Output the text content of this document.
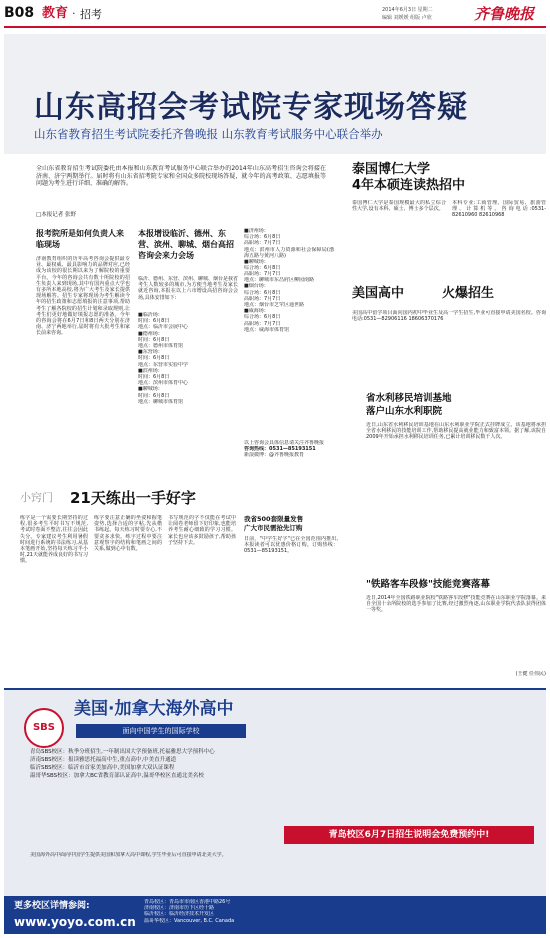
B08 教育 · 招考	2014年6月3日 星期二
编辑 刘媛媛 组版 卢欣	齐鲁晚报
山东高招会考试院专家现场答疑
山东省教育招生考试院委托齐鲁晚报 山东教育考试服务中心联合举办
全山东省教育招生考试院委托由本报和山东教育考试服务中心联合举办的2014年山东高考招生咨询会将接在济南、济宁两期举行。届时将有山东省招考院专家和全国众多院校现场答疑，就今年的高考政策、志愿填报等问题为考生进行详细、准确的解答。
□本报记者 张野
报考院所是如何负责人来临现场
济南教育组织的历年高考咨询会提供最专业、最权威、最具影响力的品牌对应,已经成为该校的很长期以来为了解院校的重要平台。今年的咨询会共有数十所院校的招生负责人来到现场,其中有国内重点大学也有多所本地高校,将为广大考生及家长提供现场解答。招生专家将现场为考生解读今年的招生政策和志愿填报的注意事项,帮助考生了解各院校的招生计划和录取规则,让考生们更好地做好填报志愿的准备。今年的咨询会将在6月7日和8日两天分别在济南、济宁两地举行,届时将有大批考生和家长前来咨询。
本报增设临沂、德州、东营、滨州、聊城、烟台高招咨询会来力会场
临沂、德州、东营、滨州、聊城、烟台是我省考生人数较多的城市,为方便当地考生及家长就近咨询,本报在以上六市增设高招咨询会会场,具体安排如下:
■临沂场：
时间：6月8日
地点：临沂市会展中心
■德州场：
时间：6月8日
地点：德州市体育馆
■东营场：
时间：6月8日
地点：东营市实验中学
■滨州场：
时间：6月8日
地点：滨州市体育中心
■聊城场：
时间：6月8日
地点：聊城市体育馆
■济州场：
综合场：6月8日
高职场：7月7日
地点：滨州市人力资源和社会保障局(渤海五路与黄河八路)
■聊城场：
综合场：6月8日
高职场：7月7日
地点：聊城市东昌府区柳园南路
■烟台场：
综合场：6月8日
高职场：7月7日
地点：烟台市芝罘区通世路
■威海场：
综合场：6月8日
高职场：7月7日
地点：威海市体育馆
以上咨询会具体信息请关注齐鲁晚报
咨询热线：0531—85193151
新浪微博：@齐鲁晚报教育
小窍门 21天练出一手好字
练字是一个需要长期坚持的过程,很多考生平时书写不规范,考试时卷面不整洁,往往会因此失分。专家建议考生利用暑假时间进行系统的书法练习,从基本笔画开始,坚持每天练习半小时,21天就能养成良好的书写习惯。
练字要注意正确的坐姿和握笔姿势,选择合适的字帖,先从楷书练起。每天练习时要专心,不要贪多求快。练字过程中要注意观察字的结构和笔画之间的关系,做到心中有数。
书写规范的字不仅能在考试中让阅卷老师留下好印象,也能培养考生耐心细致的学习习惯。家长也应该多鼓励孩子,帮助孩子坚持下去。
我省500套限量发售
广大市民需抢先订购
日前，"中学生好字"已在全国范围内推出,本报读者可以优惠价格订购。订购热线：0531—85193151。
泰国博仁大学
4年本硕连读热招中
泰国博仁大学是泰国规模最大的私立综合性大学,设有本科、硕士、博士多个层次。
本科专业:工商管理、国际贸易、旅游管理、计算机等。咨询电话:0531-82610960 82610968
美国高中	火爆招生
美国高中留学项目面向国内初中毕业生及高一学生招生,毕业可直接申请美国名校。咨询电话:0531—82906116 18606370176
省水利移民培训基地
落户山东水利职院
近日,山东省水利移民培训基地在山东水利职业学院正式挂牌成立。该基地将承担全省水利移民的技能培训工作,帮助移民提高就业能力和致富本领。据了解,该院自2009年开始承担水利移民培训任务,已累计培训移民数千人次。
"铁路客车段修"技能竞赛落幕
近日,2014年全国铁路职业院校"铁路客车段修"技能竞赛在山东职业学院落幕。来自全国十余所院校的选手参加了比赛,经过激烈角逐,山东职业学院代表队获得团体一等奖。
(王健 任伟民)
SBS
美国·加拿大海外高中
面向中国学生的国际学校
青岛SBS校区：秋季分班招生,一年制出国大学预备班,托福雅思大学预科中心
济南SBS校区：报读雅思托福高中生,重点高中,中美直升通道
临沂SBS校区：临沂市首家美加高中,美国加拿大双认证课程
温哥华SBS校区：加拿大BC省教育部认证高中,温哥华校区直通北美名校
青岛校区6月7日招生说明会免费预约中!
美国海外高中面向中国学生提供美国和加拿大高中课程,学生毕业后可直接申请北美大学。
更多校区详情参阅:
www.yoyo.com.cn
青岛校区：青岛市市南区香港中路26号
济南校区：济南市历下区经十路
临沂校区：临沂经济技术开发区
温哥华校区：Vancouver, B.C. Canada
